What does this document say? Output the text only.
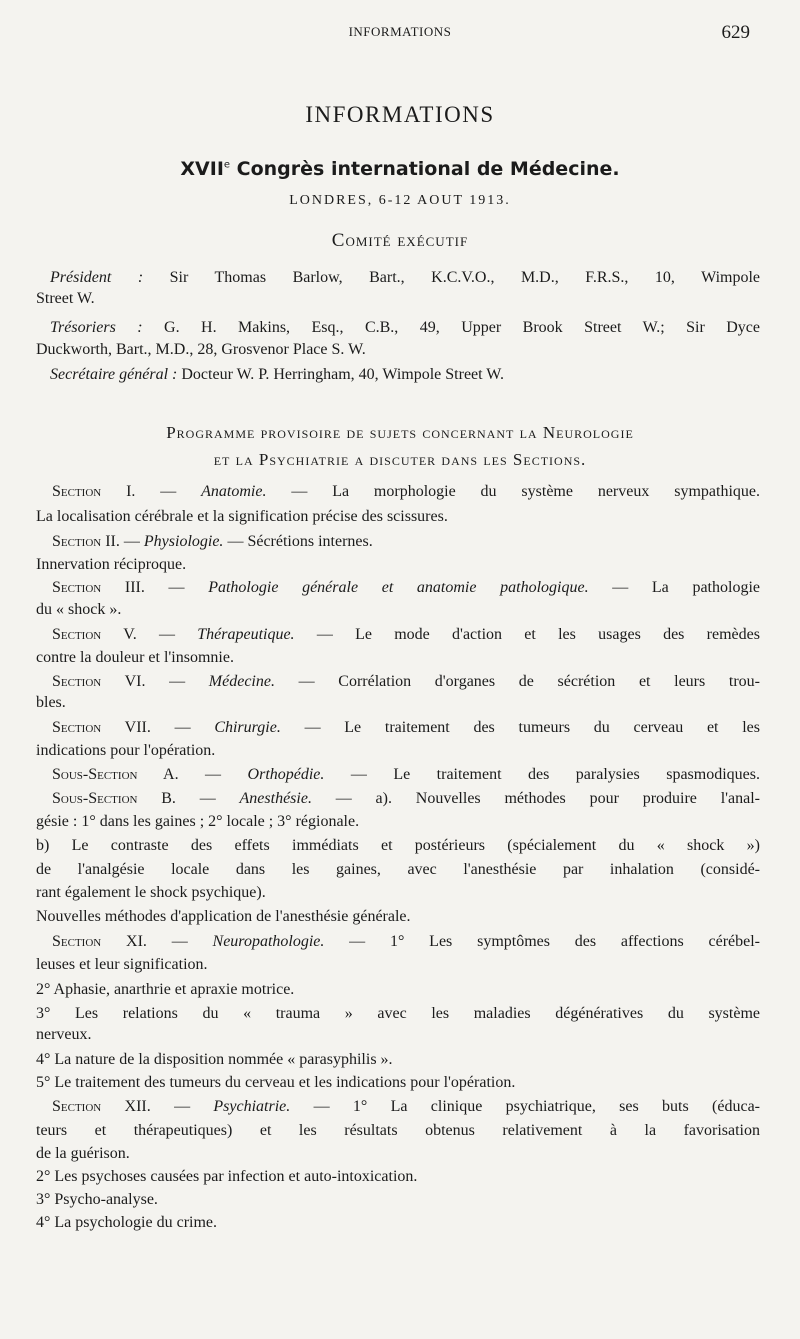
INFORMATIONS	629
INFORMATIONS
XVIIe Congrès international de Médecine.
LONDRES, 6-12 AOUT 1913.
Comité exécutif
Président : Sir Thomas Barlow, Bart., K.C.V.O., M.D., F.R.S., 10, Wimpole
Street W.
Trésoriers : G. H. Makins, Esq., C.B., 49, Upper Brook Street W.; Sir Dyce
Duckworth, Bart., M.D., 28, Grosvenor Place S. W.
Secrétaire général : Docteur W. P. Herringham, 40, Wimpole Street W.
Programme provisoire de sujets concernant la Neurologie
et la Psychiatrie a discuter dans les Sections.
Section I. — Anatomie. — La morphologie du système nerveux sympathique.
La localisation cérébrale et la signification précise des scissures.
Section II. — Physiologie. — Sécrétions internes.
Innervation réciproque.
Section III. — Pathologie générale et anatomie pathologique. — La pathologie
du « shock ».
Section V. — Thérapeutique. — Le mode d'action et les usages des remèdes
contre la douleur et l'insomnie.
Section VI. — Médecine. — Corrélation d'organes de sécrétion et leurs trou-
bles.
Section VII. — Chirurgie. — Le traitement des tumeurs du cerveau et les
indications pour l'opération.
Sous-Section A. — Orthopédie. — Le traitement des paralysies spasmodiques.
Sous-Section B. — Anesthésie. — a). Nouvelles méthodes pour produire l'anal-
gésie : 1° dans les gaines ; 2° locale ; 3° régionale.
b) Le contraste des effets immédiats et postérieurs (spécialement du « shock »)
de l'analgésie locale dans les gaines, avec l'anesthésie par inhalation (considé-
rant également le shock psychique).
Nouvelles méthodes d'application de l'anesthésie générale.
Section XI. — Neuropathologie. — 1° Les symptômes des affections cérébel-
leuses et leur signification.
2° Aphasie, anarthrie et apraxie motrice.
3° Les relations du « trauma » avec les maladies dégénératives du système
nerveux.
4° La nature de la disposition nommée « parasyphilis ».
5° Le traitement des tumeurs du cerveau et les indications pour l'opération.
Section XII. — Psychiatrie. — 1° La clinique psychiatrique, ses buts (éduca-
teurs et thérapeutiques) et les résultats obtenus relativement à la favorisation
de la guérison.
2° Les psychoses causées par infection et auto-intoxication.
3° Psycho-analyse.
4° La psychologie du crime.
